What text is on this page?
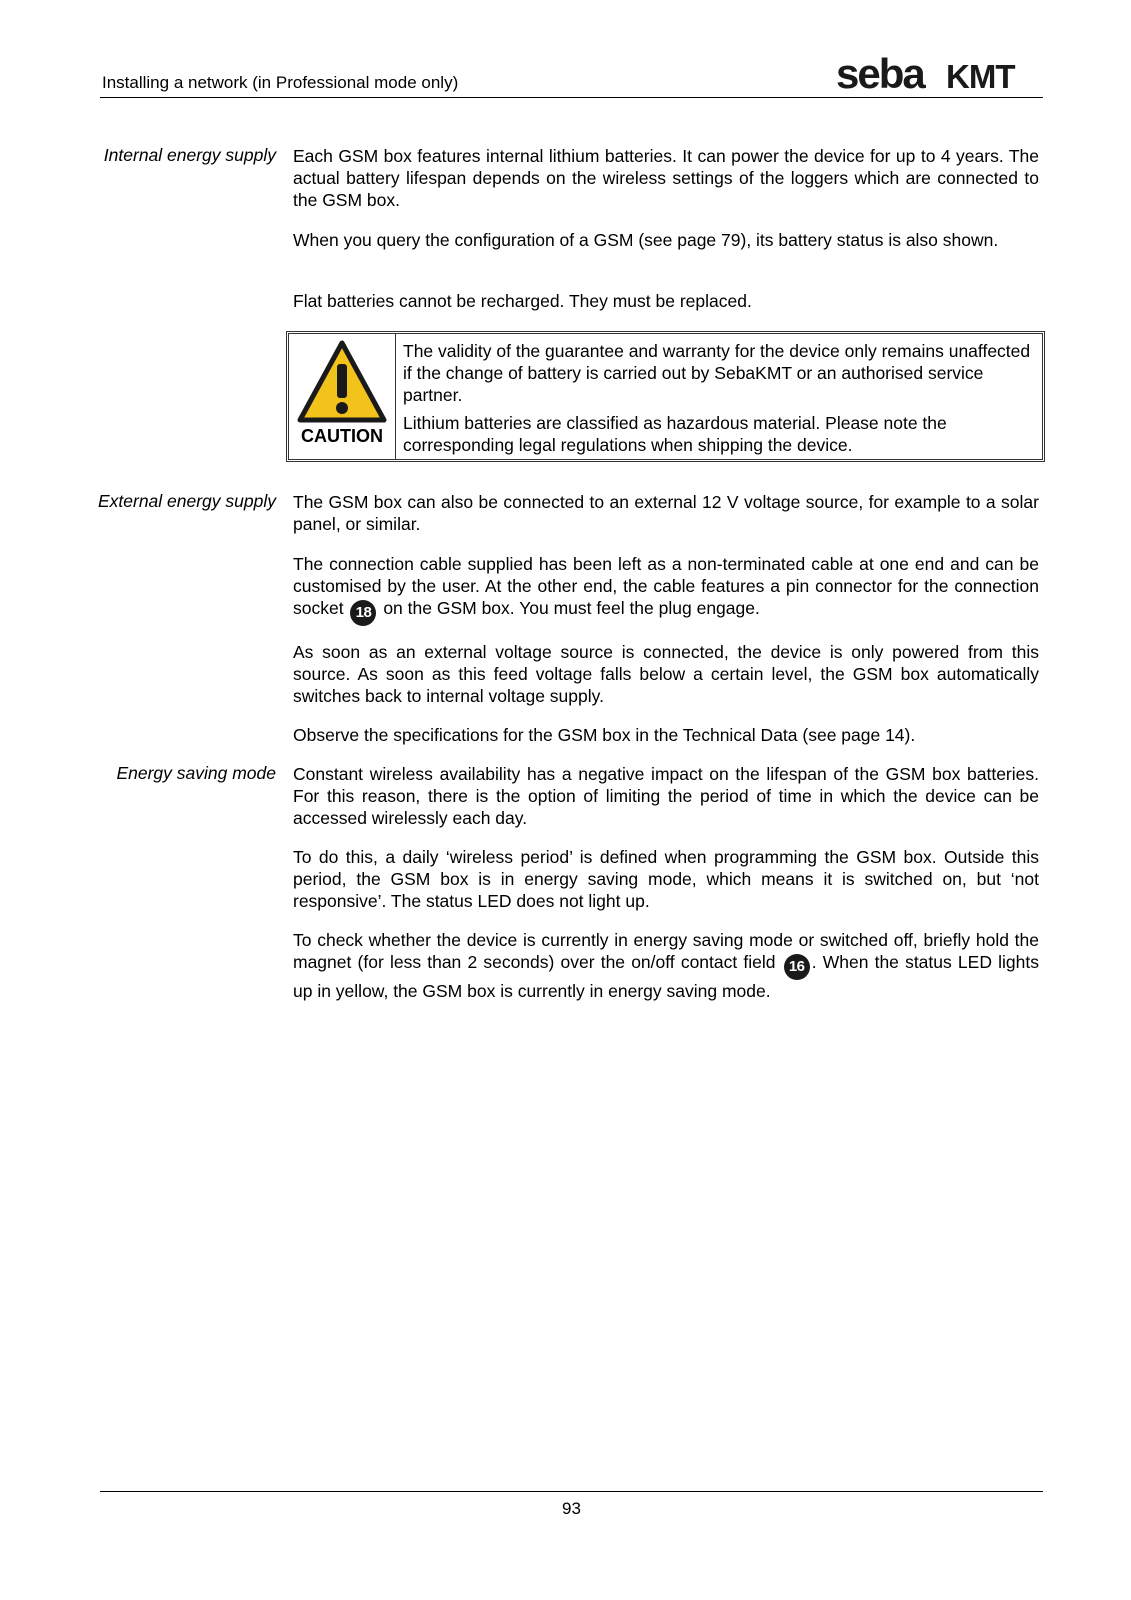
Installing a network (in Professional mode only)	seba KMT
Internal energy supply Each GSM box features internal lithium batteries. It can power the device for up to 4 years. The actual battery lifespan depends on the wireless settings of the loggers which are connected to the GSM box.
When you query the configuration of a GSM (see page 79), its battery status is also shown.
Flat batteries cannot be recharged. They must be replaced.
CAUTION
The validity of the guarantee and warranty for the device only remains unaffected if the change of battery is carried out by SebaKMT or an authorised service partner.
Lithium batteries are classified as hazardous material. Please note the corresponding legal regulations when shipping the device.
External energy supply The GSM box can also be connected to an external 12 V voltage source, for example to a solar panel, or similar.
The connection cable supplied has been left as a non-terminated cable at one end and can be customised by the user. At the other end, the cable features a pin connector for the connection socket 18 on the GSM box. You must feel the plug engage.
As soon as an external voltage source is connected, the device is only powered from this source. As soon as this feed voltage falls below a certain level, the GSM box automatically switches back to internal voltage supply.
Observe the specifications for the GSM box in the Technical Data (see page 14).
Energy saving mode Constant wireless availability has a negative impact on the lifespan of the GSM box batteries. For this reason, there is the option of limiting the period of time in which the device can be accessed wirelessly each day.
To do this, a daily ‘wireless period’ is defined when programming the GSM box. Outside this period, the GSM box is in energy saving mode, which means it is switched on, but ‘not responsive’. The status LED does not light up.
To check whether the device is currently in energy saving mode or switched off, briefly hold the magnet (for less than 2 seconds) over the on/off contact field 16 . When the status LED lights up in yellow, the GSM box is currently in energy saving mode.
93
